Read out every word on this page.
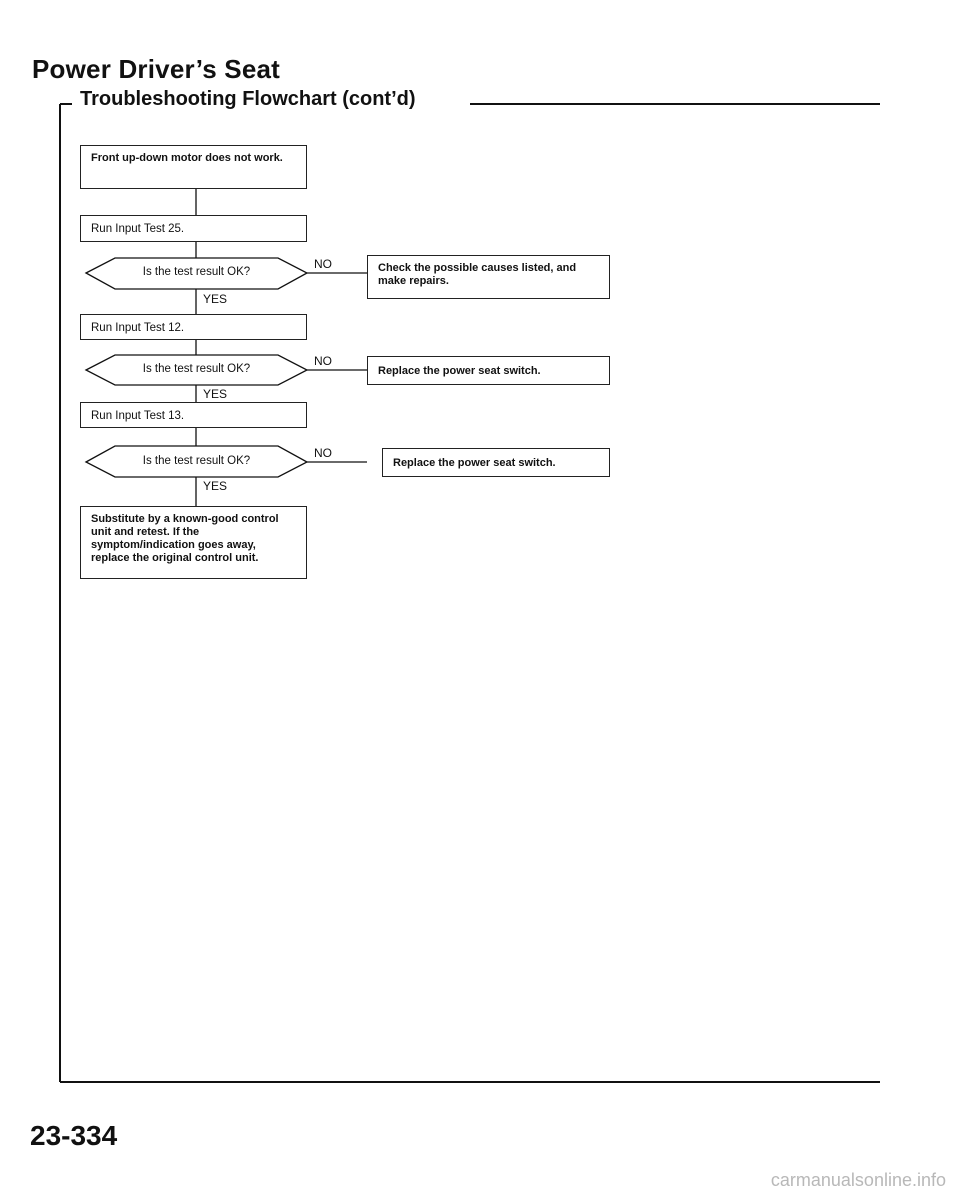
Power Driver’s Seat
Troubleshooting Flowchart (cont’d)
Front up-down motor does not work.
Run Input Test 25.
Is the test result OK?
NO	Check the possible causes listed, and make repairs.
YES
Run Input Test 12.
Is the test result OK?
NO
Replace the power seat switch.
YES
Run Input Test 13.
Is the test result OK?
NO
Replace the power seat switch.
YES
Substitute by a known-good control unit and retest. If the symptom/indication goes away, replace the original control unit.
23-334
carmanualsonline.info
